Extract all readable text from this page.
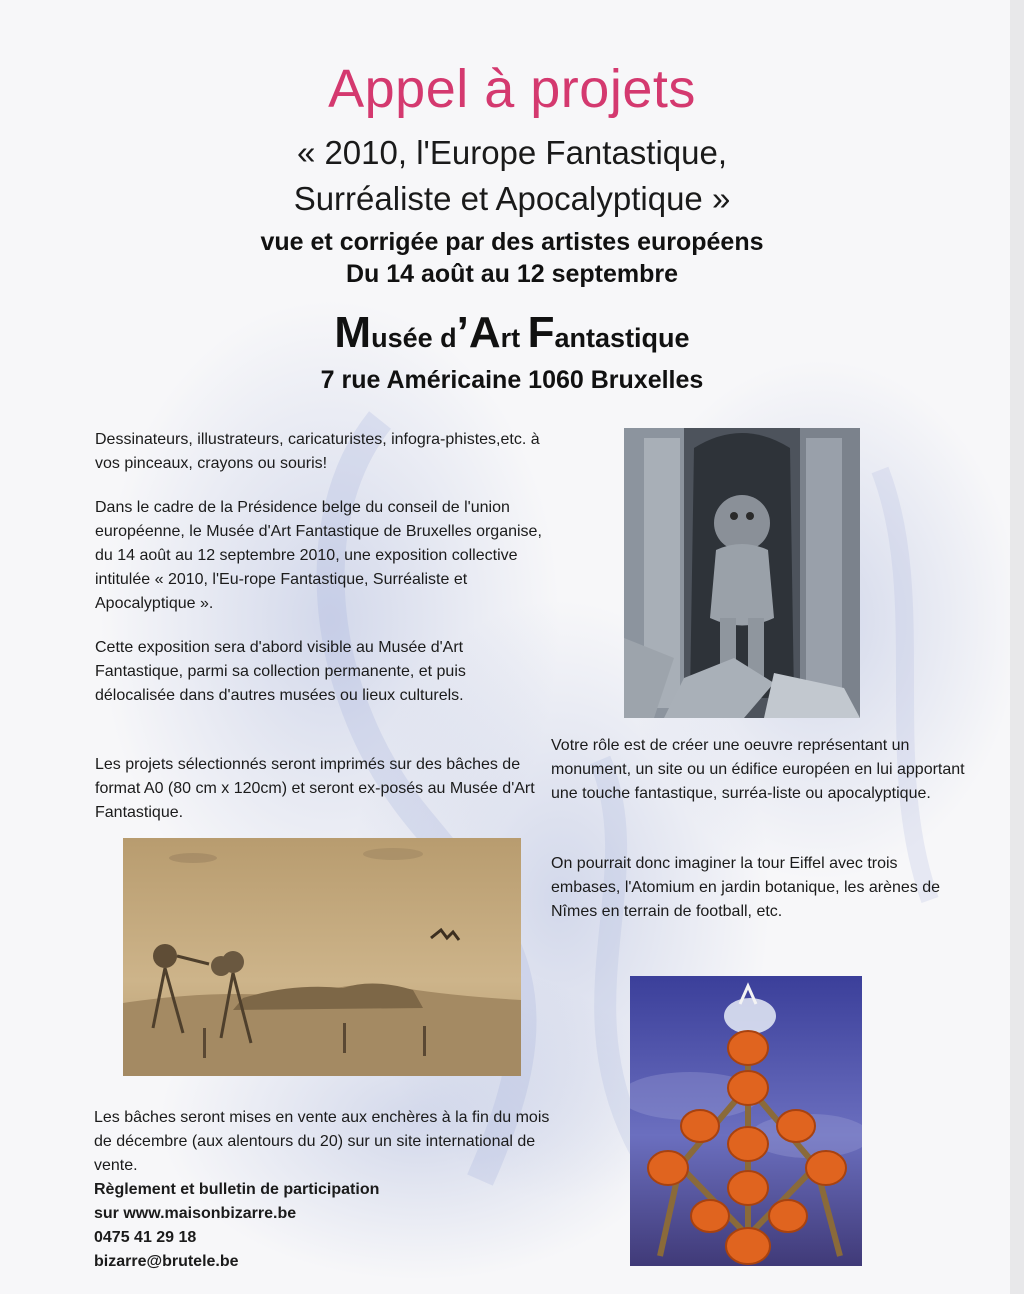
Appel à projets
« 2010, l'Europe Fantastique,
Surréaliste et Apocalyptique »
vue et corrigée par des artistes européens
Du 14 août au 12 septembre
Musée d’Art Fantastique
7 rue Américaine 1060 Bruxelles

Dessinateurs, illustrateurs, caricaturistes, infogra-phistes,etc. à vos pinceaux, crayons ou souris!

Dans le cadre de la Présidence belge du conseil de l'union européenne, le Musée d'Art Fantastique de Bruxelles organise, du 14 août au 12 septembre 2010, une exposition collective intitulée « 2010, l'Eu-rope Fantastique, Surréaliste et Apocalyptique ».

Cette exposition sera d'abord visible au Musée d'Art Fantastique, parmi sa collection permanente, et puis délocalisée dans d'autres musées ou lieux culturels.

Les projets sélectionnés seront imprimés sur des bâches de format A0 (80 cm x 120cm) et seront ex-posés au Musée d'Art Fantastique.

Votre rôle est de créer une oeuvre représentant un monument, un site ou un édifice européen en lui apportant une touche fantastique, surréa-liste ou apocalyptique.

On pourrait donc imaginer la tour Eiffel avec trois embases, l'Atomium en jardin botanique, les arènes de Nîmes en terrain de football, etc.

Les bâches seront mises en vente aux enchères à la fin du mois de décembre (aux alentours du 20) sur un site international de vente.

Règlement et bulletin de participation
sur www.maisonbizarre.be
0475 41 29 18
bizarre@brutele.be
